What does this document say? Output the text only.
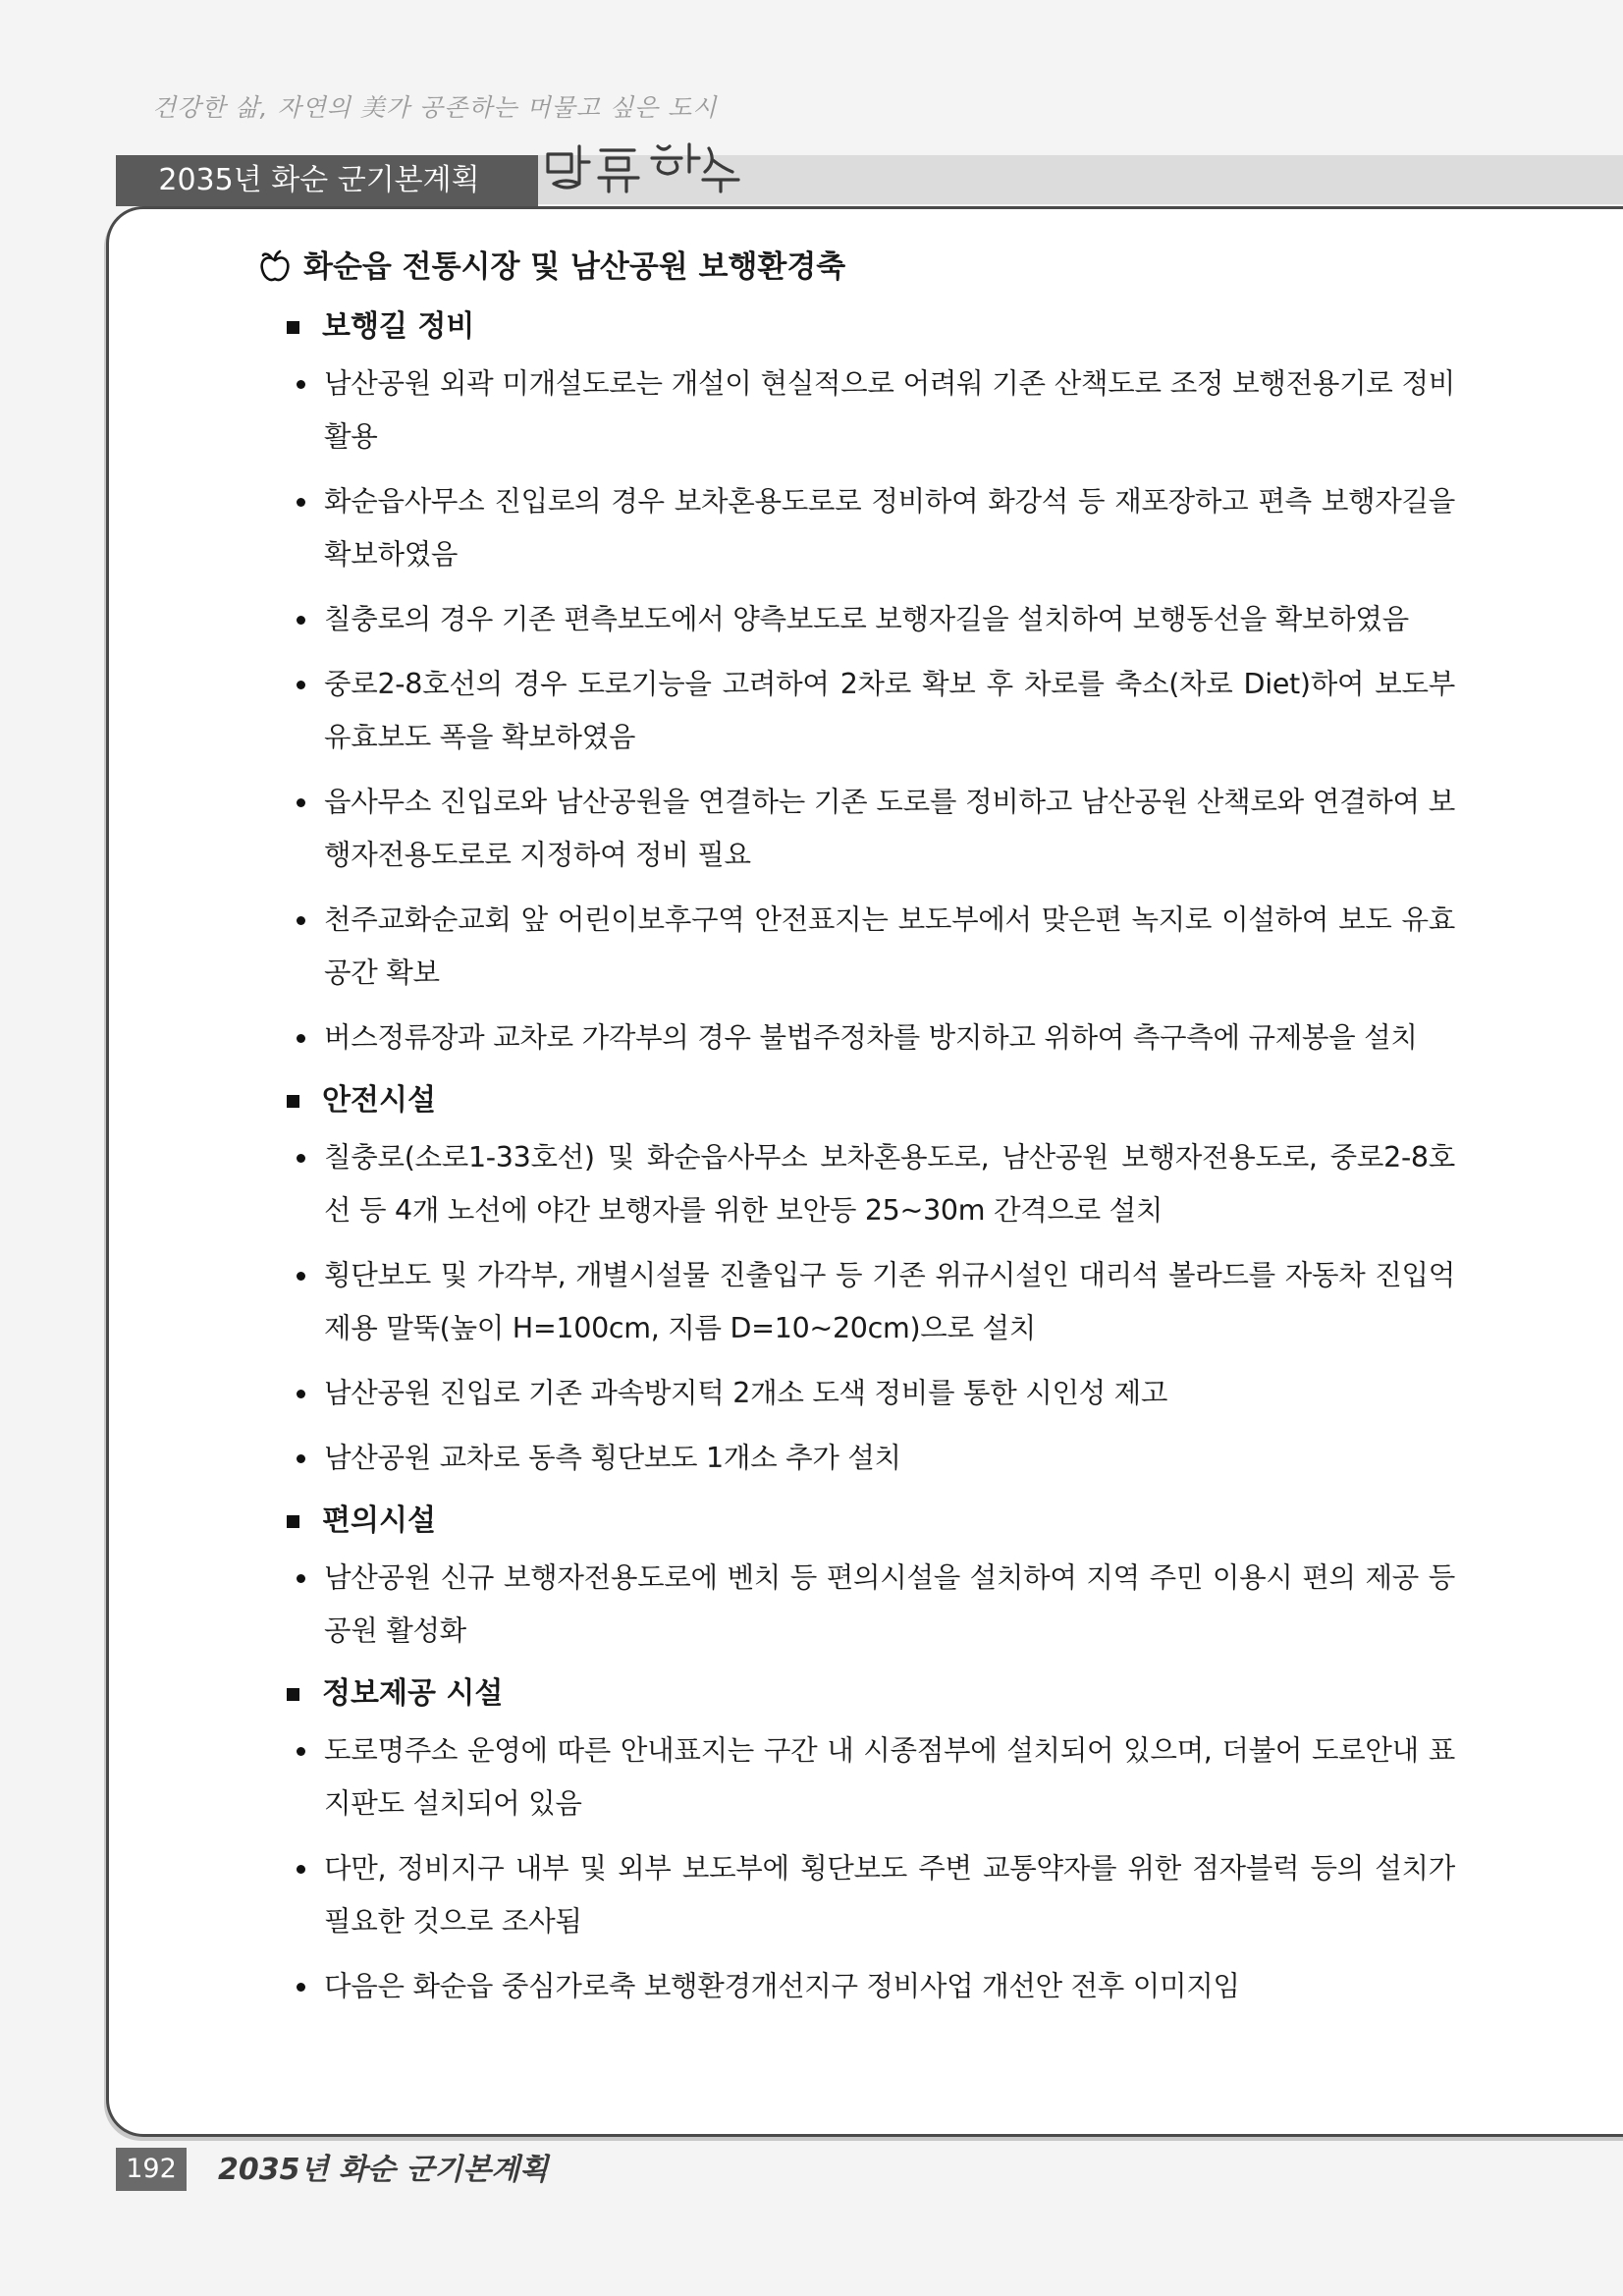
건강한 삶, 자연의 美가 공존하는 머물고 싶은 도시
2035년 화순 군기본계획
화순읍 전통시장 및 남산공원 보행환경축
보행길 정비
남산공원 외곽 미개설도로는 개설이 현실적으로 어려워 기존 산책도로 조정 보행전용기로 정비 활용
화순읍사무소 진입로의 경우 보차혼용도로로 정비하여 화강석 등 재포장하고 편측 보행자길을 확보하였음
칠충로의 경우 기존 편측보도에서 양측보도로 보행자길을 설치하여 보행동선을 확보하였음
중로2-8호선의 경우 도로기능을 고려하여 2차로 확보 후 차로를 축소(차로 Diet)하여 보도부 유효보도 폭을 확보하였음
읍사무소 진입로와 남산공원을 연결하는 기존 도로를 정비하고 남산공원 산책로와 연결하여 보행자전용도로로 지정하여 정비 필요
천주교화순교회 앞 어린이보후구역 안전표지는 보도부에서 맞은편 녹지로 이설하여 보도 유효공간 확보
버스정류장과 교차로 가각부의 경우 불법주정차를 방지하고 위하여 측구측에 규제봉을 설치
안전시설
칠충로(소로1-33호선) 및 화순읍사무소 보차혼용도로, 남산공원 보행자전용도로, 중로2-8호선 등 4개 노선에 야간 보행자를 위한 보안등 25~30m 간격으로 설치
횡단보도 및 가각부, 개별시설물 진출입구 등 기존 위규시설인 대리석 볼라드를 자동차 진입억제용 말뚝(높이 H=100cm, 지름 D=10~20cm)으로 설치
남산공원 진입로 기존 과속방지턱 2개소 도색 정비를 통한 시인성 제고
남산공원 교차로 동측 횡단보도 1개소 추가 설치
편의시설
남산공원 신규 보행자전용도로에 벤치 등 편의시설을 설치하여 지역 주민 이용시 편의 제공 등 공원 활성화
정보제공 시설
도로명주소 운영에 따른 안내표지는 구간 내 시종점부에 설치되어 있으며, 더불어 도로안내 표지판도 설치되어 있음
다만, 정비지구 내부 및 외부 보도부에 횡단보도 주변 교통약자를 위한 점자블럭 등의 설치가 필요한 것으로 조사됨
다음은 화순읍 중심가로축 보행환경개선지구 정비사업 개선안 전후 이미지임
192	2035년 화순 군기본계획
